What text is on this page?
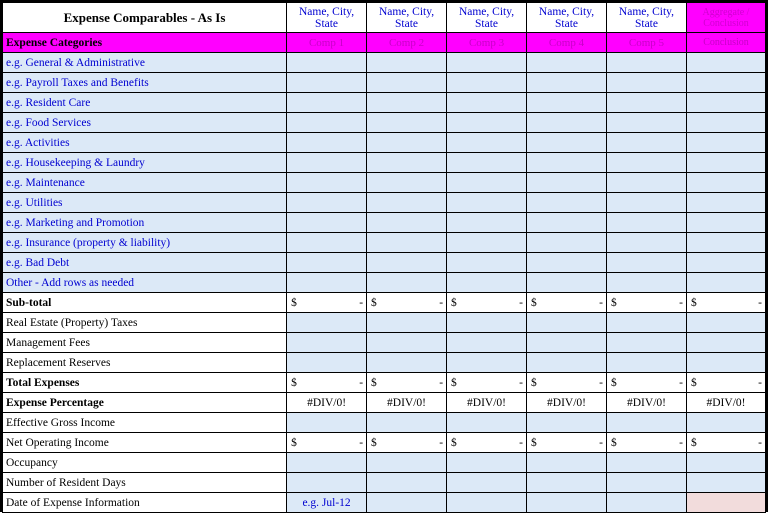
Expense Comparables - As Is	Name, City,
State	Name, City,
State	Name, City,
State	Name, City,
State	Name, City,
State	Aggregate /
Conclusion
Expense Categories	Comp 1	Comp 2	Comp 3	Comp 4	Comp 5	Conclusion
e.g. General & Administrative						
e.g. Payroll Taxes and Benefits						
e.g. Resident Care						
e.g. Food Services						
e.g. Activities						
e.g. Housekeeping & Laundry						
e.g. Maintenance						
e.g. Utilities						
e.g. Marketing and Promotion						
e.g. Insurance (property & liability)						
e.g. Bad Debt						
Other - Add rows as needed						
Sub-total	$ -	$ -	$ -	$ -	$ -	$ -
Real Estate (Property) Taxes						
Management Fees						
Replacement Reserves						
Total Expenses	$ -	$ -	$ -	$ -	$ -	$ -
Expense Percentage	#DIV/0!	#DIV/0!	#DIV/0!	#DIV/0!	#DIV/0!	#DIV/0!
Effective Gross Income						
Net Operating Income	$ -	$ -	$ -	$ -	$ -	$ -
Occupancy						
Number of Resident Days						
Date of Expense Information	e.g. Jul-12					
